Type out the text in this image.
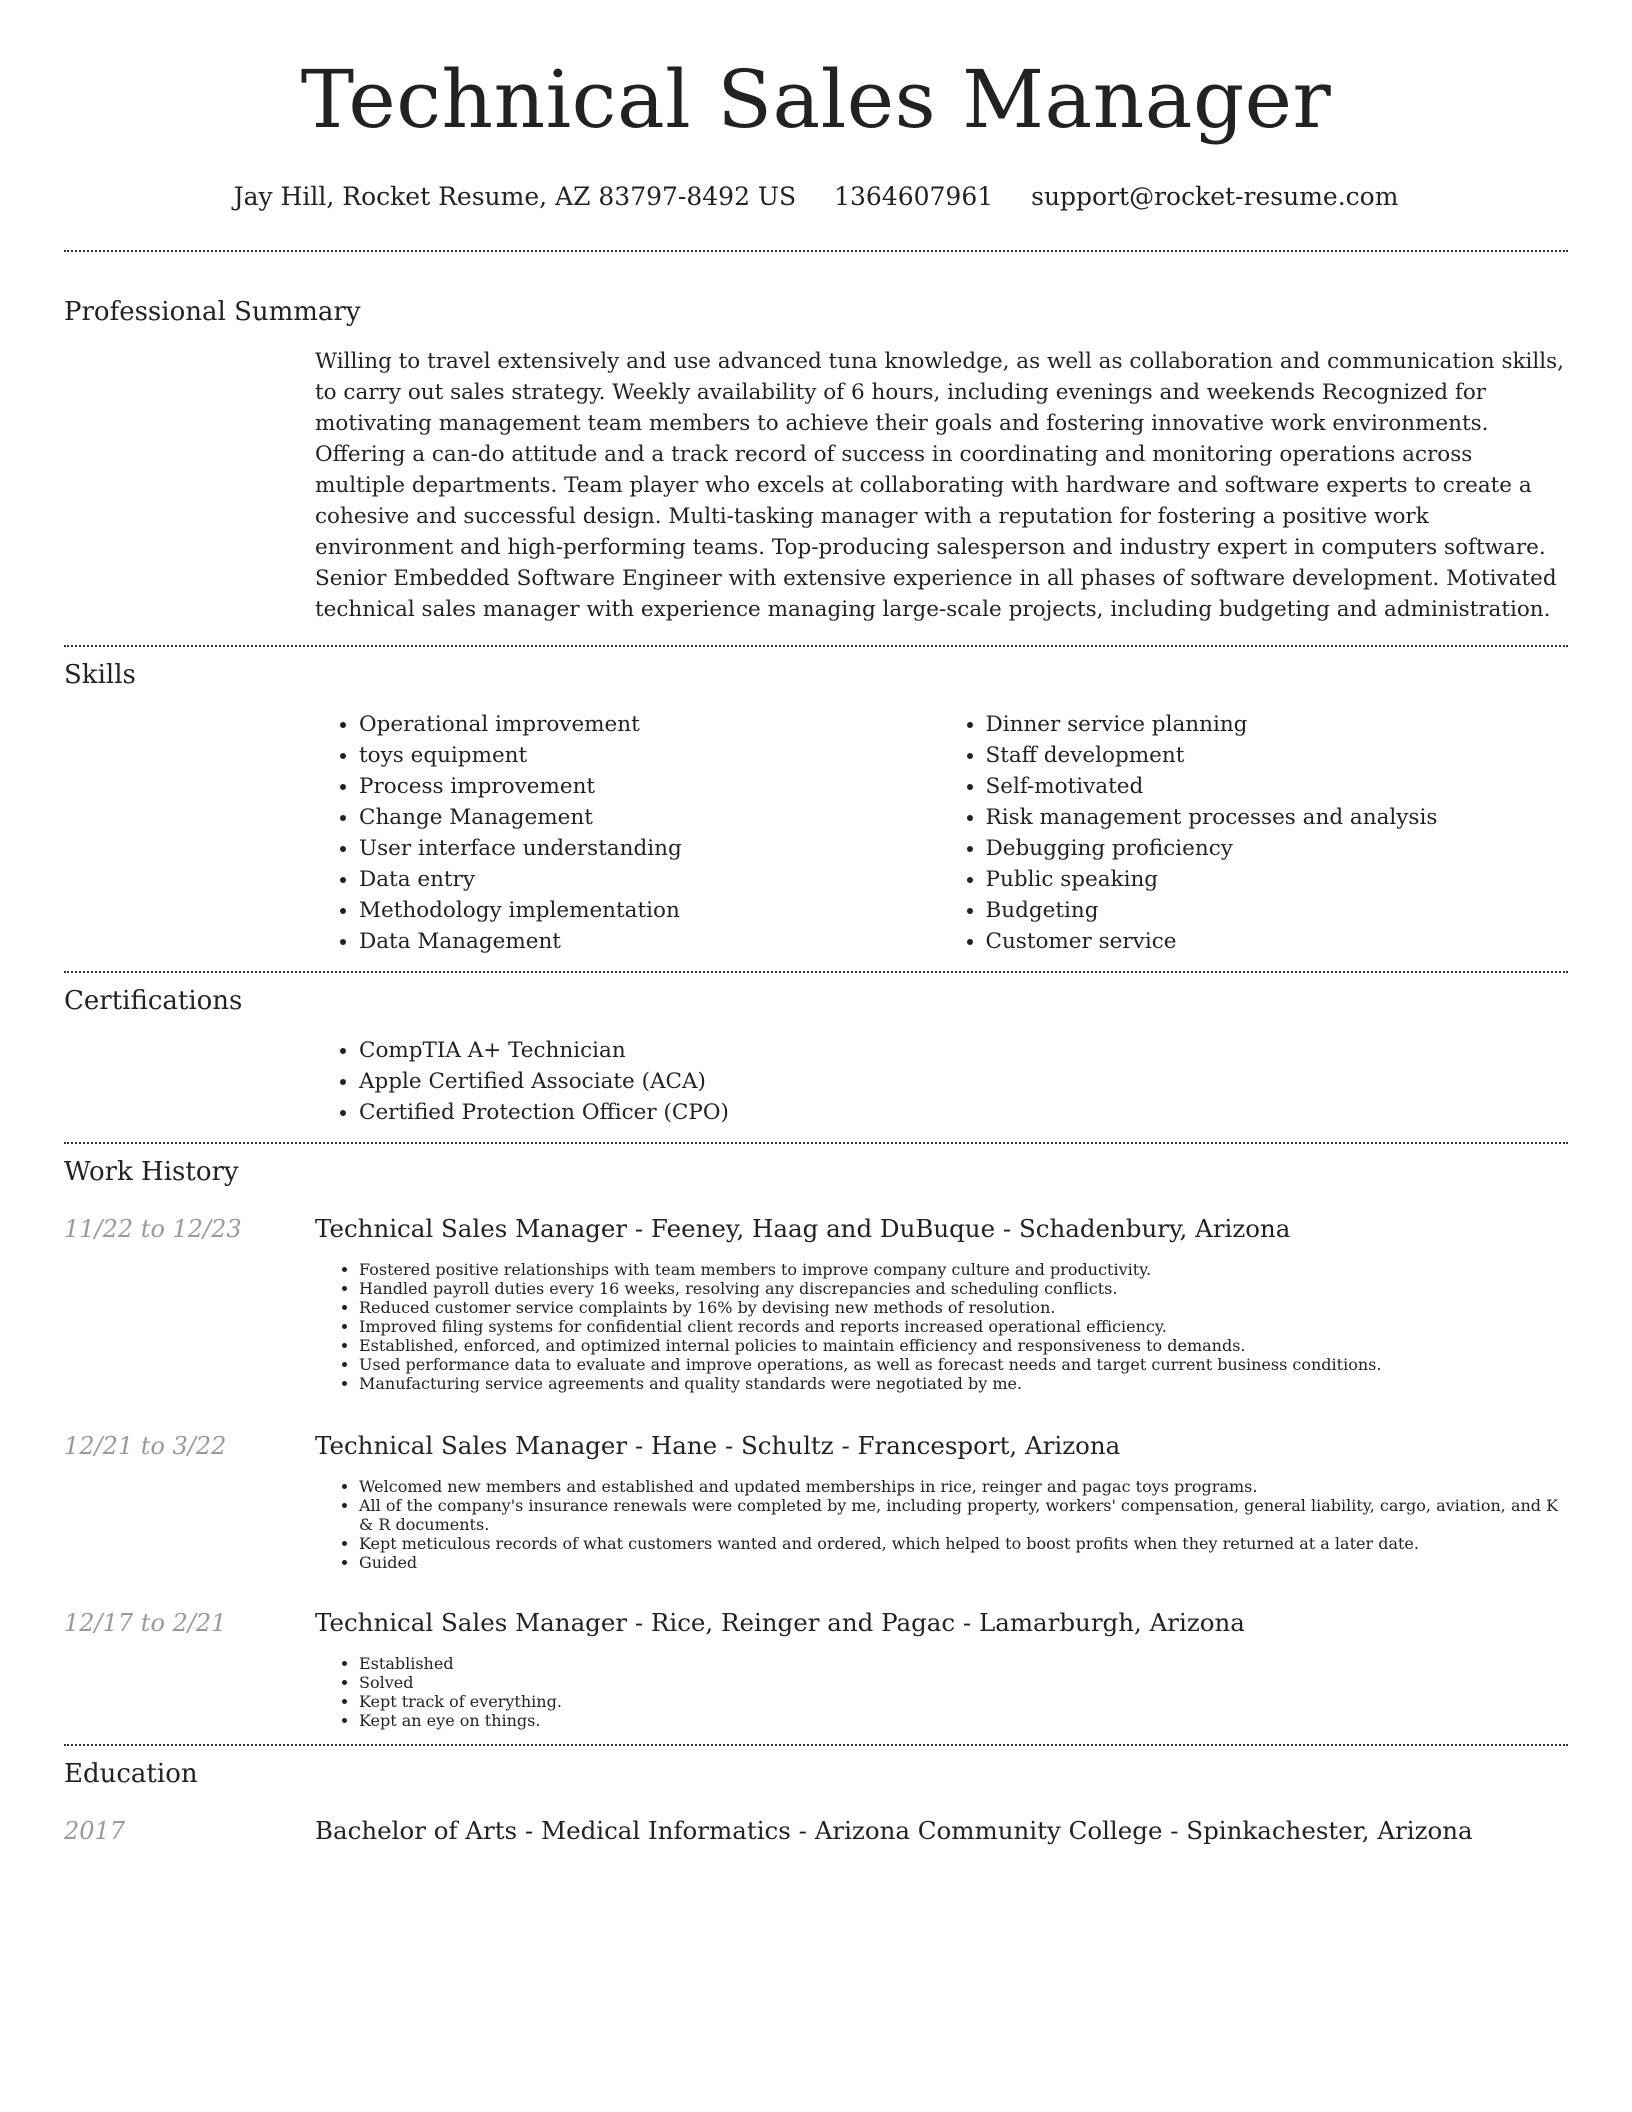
Technical Sales Manager
Jay Hill, Rocket Resume, AZ 83797-8492 US 1364607961 support@rocket-resume.com
Professional Summary

Willing to travel extensively and use advanced tuna knowledge, as well as collaboration and communication skills, to carry out sales strategy. Weekly availability of 6 hours, including evenings and weekends Recognized for motivating management team members to achieve their goals and fostering innovative work environments. Offering a can-do attitude and a track record of success in coordinating and monitoring operations across multiple departments. Team player who excels at collaborating with hardware and software experts to create a cohesive and successful design. Multi-tasking manager with a reputation for fostering a positive work environment and high-performing teams. Top-producing salesperson and industry expert in computers software. Senior Embedded Software Engineer with extensive experience in all phases of software development. Motivated technical sales manager with experience managing large-scale projects, including budgeting and administration.

Skills
• Operational improvement
• toys equipment
• Process improvement
• Change Management
• User interface understanding
• Data entry
• Methodology implementation
• Data Management
• Dinner service planning
• Staff development
• Self-motivated
• Risk management processes and analysis
• Debugging proficiency
• Public speaking
• Budgeting
• Customer service
Certifications
• CompTIA A+ Technician
• Apple Certified Associate (ACA)
• Certified Protection Officer (CPO)
Work History
11/22 to 12/23	Technical Sales Manager - Feeney, Haag and DuBuque - Schadenbury, Arizona
• Fostered positive relationships with team members to improve company culture and productivity.
• Handled payroll duties every 16 weeks, resolving any discrepancies and scheduling conflicts.
• Reduced customer service complaints by 16% by devising new methods of resolution.
• Improved filing systems for confidential client records and reports increased operational efficiency.
• Established, enforced, and optimized internal policies to maintain efficiency and responsiveness to demands.
• Used performance data to evaluate and improve operations, as well as forecast needs and target current business conditions.
• Manufacturing service agreements and quality standards were negotiated by me.
12/21 to 3/22	Technical Sales Manager - Hane - Schultz - Francesport, Arizona
• Welcomed new members and established and updated memberships in rice, reinger and pagac toys programs.
• All of the company's insurance renewals were completed by me, including property, workers' compensation, general liability, cargo, aviation, and K & R documents.
• Kept meticulous records of what customers wanted and ordered, which helped to boost profits when they returned at a later date.
• Guided
12/17 to 2/21	Technical Sales Manager - Rice, Reinger and Pagac - Lamarburgh, Arizona
• Established
• Solved
• Kept track of everything.
• Kept an eye on things.
Education
2017	Bachelor of Arts - Medical Informatics - Arizona Community College - Spinkachester, Arizona
